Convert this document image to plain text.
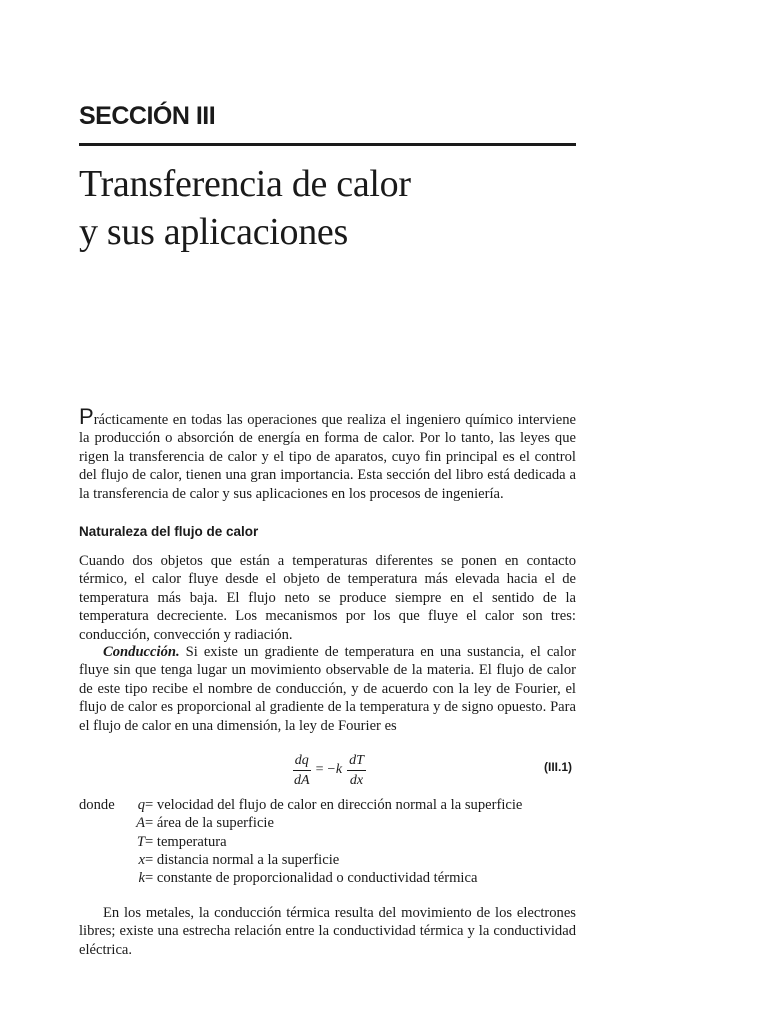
SECCIÓN III
Transferencia de calor
y sus aplicaciones
Prácticamente en todas las operaciones que realiza el ingeniero químico interviene la producción o absorción de energía en forma de calor. Por lo tanto, las leyes que rigen la transferencia de calor y el tipo de aparatos, cuyo fin principal es el control del flujo de calor, tienen una gran importancia. Esta sección del libro está dedicada a la transferencia de calor y sus aplicaciones en los procesos de ingeniería.
Naturaleza del flujo de calor
Cuando dos objetos que están a temperaturas diferentes se ponen en contacto térmico, el calor fluye desde el objeto de temperatura más elevada hacia el de temperatura más baja. El flujo neto se produce siempre en el sentido de la temperatura decreciente. Los mecanismos por los que fluye el calor son tres: conducción, convección y radiación.
Conducción. Si existe un gradiente de temperatura en una sustancia, el calor fluye sin que tenga lugar un movimiento observable de la materia. El flujo de calor de este tipo recibe el nombre de conducción, y de acuerdo con la ley de Fourier, el flujo de calor es proporcional al gradiente de la temperatura y de signo opuesto. Para el flujo de calor en una dimensión, la ley de Fourier es
$\frac{dq}{dA} = -k \frac{dT}{dx}$	(III.1)
donde q = velocidad del flujo de calor en dirección normal a la superficie
A = área de la superficie
T = temperatura
x = distancia normal a la superficie
k = constante de proporcionalidad o conductividad térmica
En los metales, la conducción térmica resulta del movimiento de los electrones libres; existe una estrecha relación entre la conductividad térmica y la conductividad eléctrica.
